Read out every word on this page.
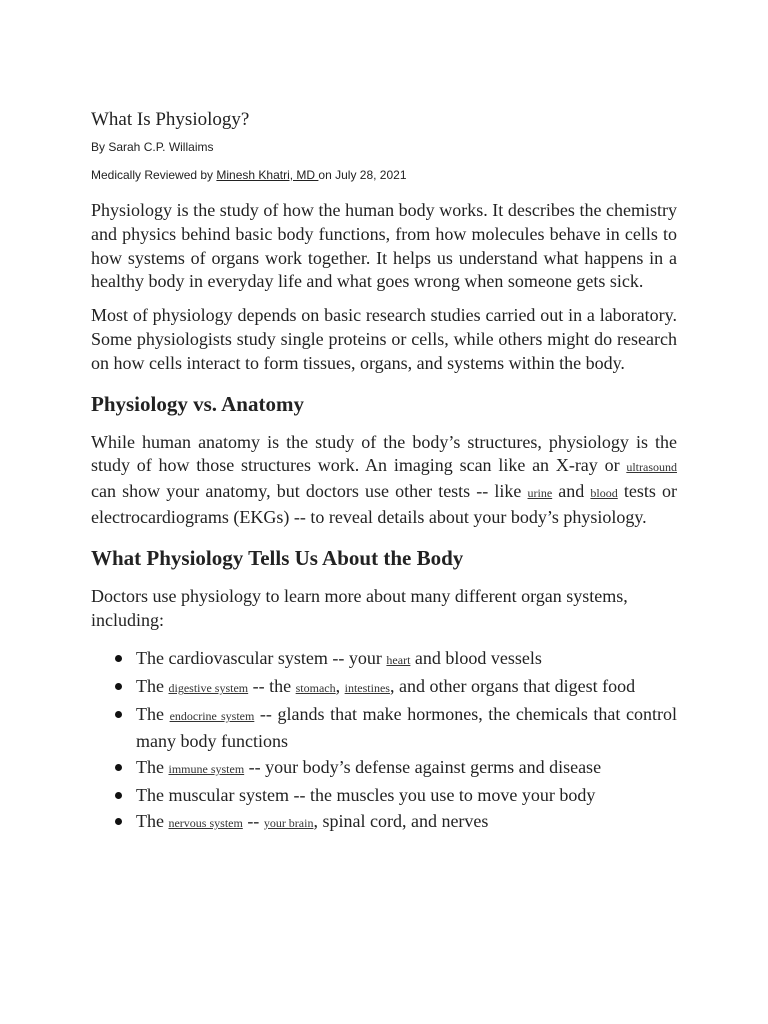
What Is Physiology?
By Sarah C.P. Willaims
Medically Reviewed by Minesh Khatri, MD on July 28, 2021

Physiology is the study of how the human body works. It describes the chemistry and physics behind basic body functions, from how molecules behave in cells to how systems of organs work together. It helps us understand what happens in a healthy body in everyday life and what goes wrong when someone gets sick.

Most of physiology depends on basic research studies carried out in a laboratory. Some physiologists study single proteins or cells, while others might do research on how cells interact to form tissues, organs, and systems within the body.

Physiology vs. Anatomy

While human anatomy is the study of the body’s structures, physiology is the study of how those structures work. An imaging scan like an X-ray or ultrasound can show your anatomy, but doctors use other tests -- like urine and blood tests or electrocardiograms (EKGs) -- to reveal details about your body’s physiology.

What Physiology Tells Us About the Body

Doctors use physiology to learn more about many different organ systems, including:

The cardiovascular system -- your heart and blood vessels
The digestive system -- the stomach, intestines, and other organs that digest food
The endocrine system -- glands that make hormones, the chemicals that control many body functions
The immune system -- your body’s defense against germs and disease
The muscular system -- the muscles you use to move your body
The nervous system -- your brain, spinal cord, and nerves
